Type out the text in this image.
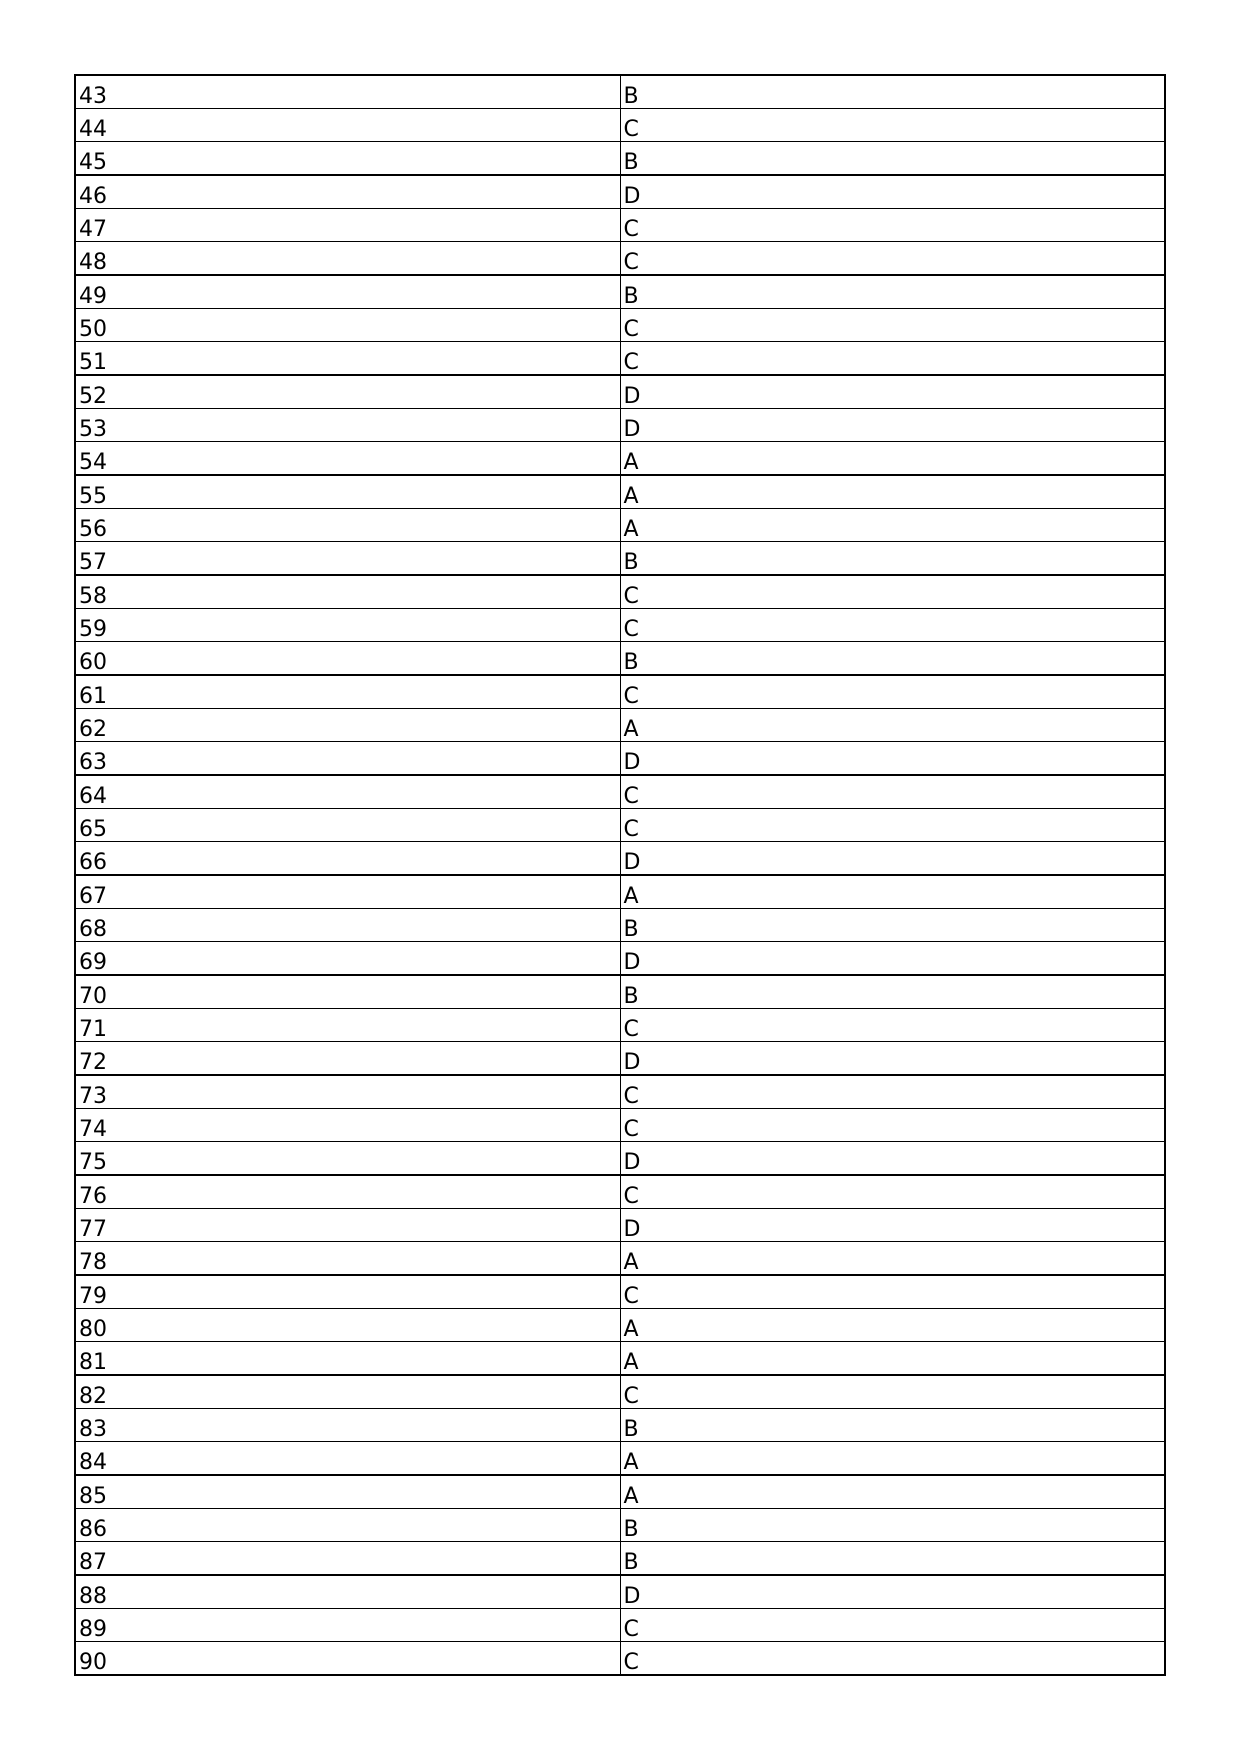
43	B
44	C
45	B
46	D
47	C
48	C
49	B
50	C
51	C
52	D
53	D
54	A
55	A
56	A
57	B
58	C
59	C
60	B
61	C
62	A
63	D
64	C
65	C
66	D
67	A
68	B
69	D
70	B
71	C
72	D
73	C
74	C
75	D
76	C
77	D
78	A
79	C
80	A
81	A
82	C
83	B
84	A
85	A
86	B
87	B
88	D
89	C
90	C
